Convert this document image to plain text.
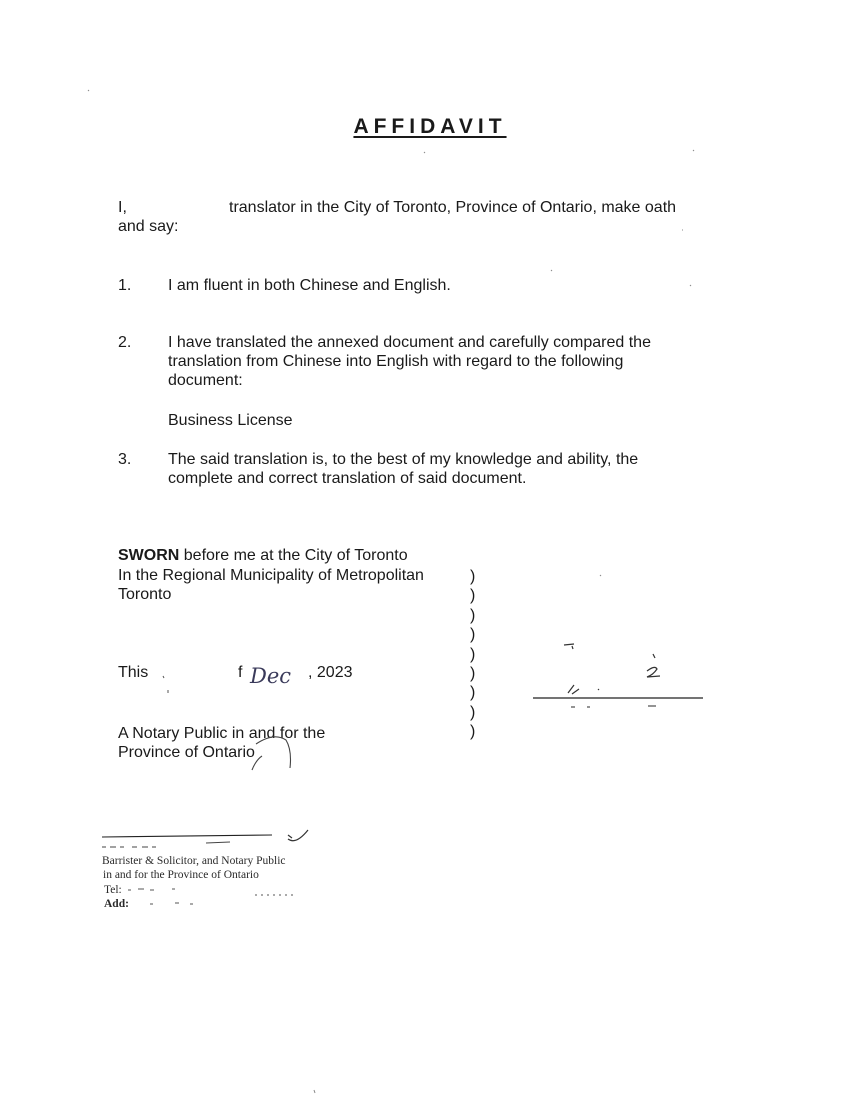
AFFIDAVIT
I,	translator in the City of Toronto, Province of Ontario, make oath
and say:
1. I am fluent in both Chinese and English.
2. I have translated the annexed document and carefully compared the
translation from Chinese into English with regard to the following
document:
Business License
3. The said translation is, to the best of my knowledge and ability, the
complete and correct translation of said document.
SWORN before me at the City of Toronto
In the Regional Municipality of Metropolitan
Toronto
This	f Dec , 2023
A Notary Public in and for the
Province of Ontario
)
)
)
)
)
)
)
)
)
Barrister & Solicitor, and Notary Public
in and for the Province of Ontario
Tel:
Add:
